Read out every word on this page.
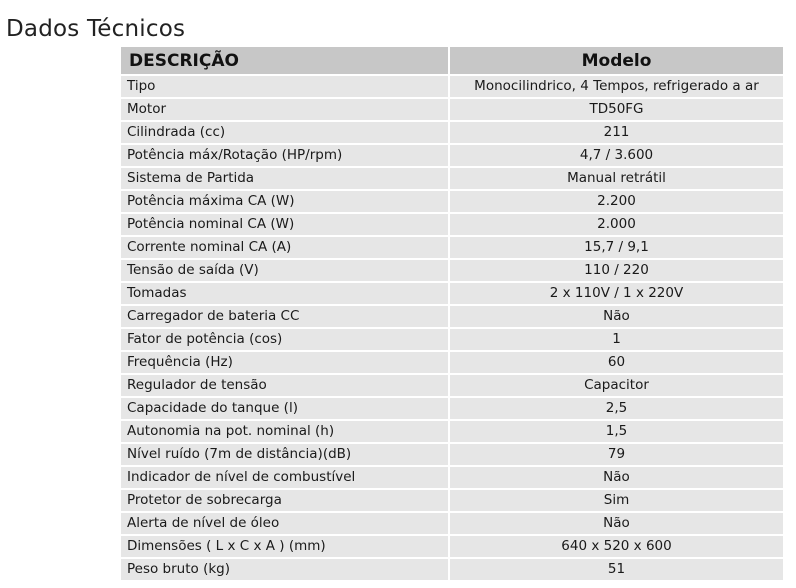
Dados Técnicos
DESCRIÇÃO	Modelo
Tipo	Monocilindrico, 4 Tempos, refrigerado a ar
Motor	TD50FG
Cilindrada (cc)	211
Potência máx/Rotação (HP/rpm)	4,7 / 3.600
Sistema de Partida	Manual retrátil
Potência máxima CA (W)	2.200
Potência nominal CA (W)	2.000
Corrente nominal CA (A)	15,7 / 9,1
Tensão de saída (V)	110 / 220
Tomadas	2 x 110V / 1 x 220V
Carregador de bateria CC	Não
Fator de potência (cos)	1
Frequência (Hz)	60
Regulador de tensão	Capacitor
Capacidade do tanque (l)	2,5
Autonomia na pot. nominal (h)	1,5
Nível ruído (7m de distância)(dB)	79
Indicador de nível de combustível	Não
Protetor de sobrecarga	Sim
Alerta de nível de óleo	Não
Dimensões ( L x C x A ) (mm)	640 x 520 x 600
Peso bruto (kg)	51
